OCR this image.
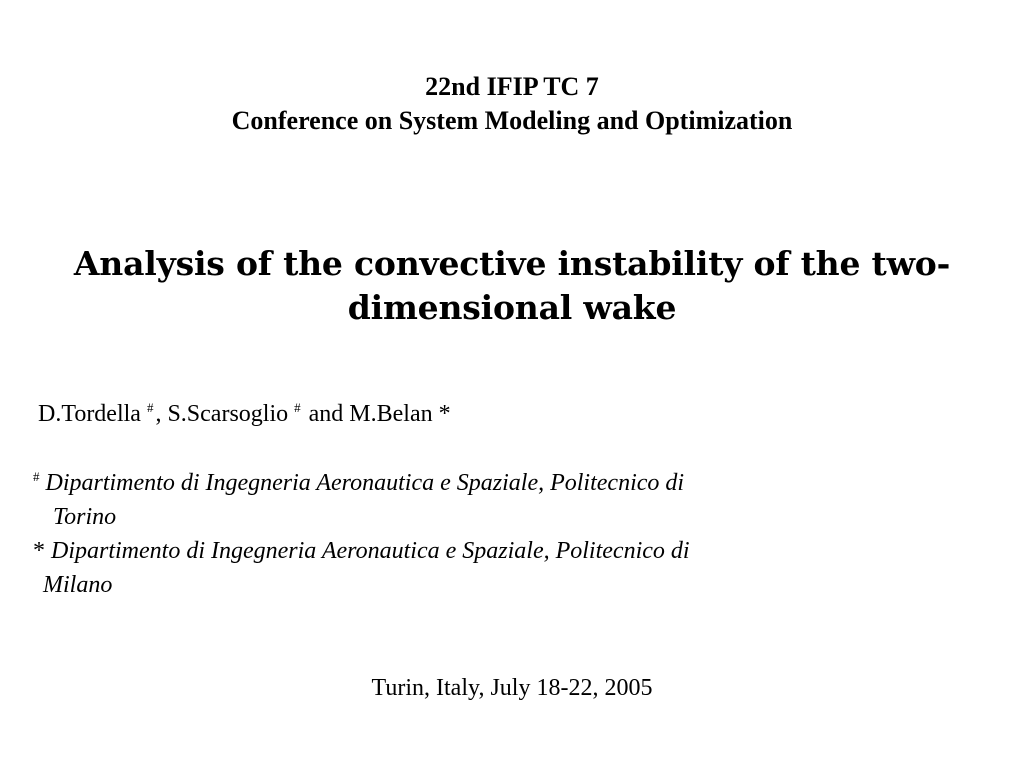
22nd IFIP TC 7
Conference on System Modeling and Optimization
Analysis of the convective instability of the two-
dimensional wake
D.Tordella #, S.Scarsoglio # and M.Belan *
# Dipartimento di Ingegneria Aeronautica e Spaziale, Politecnico di
Torino
* Dipartimento di Ingegneria Aeronautica e Spaziale, Politecnico di
Milano
Turin, Italy, July 18-22, 2005
